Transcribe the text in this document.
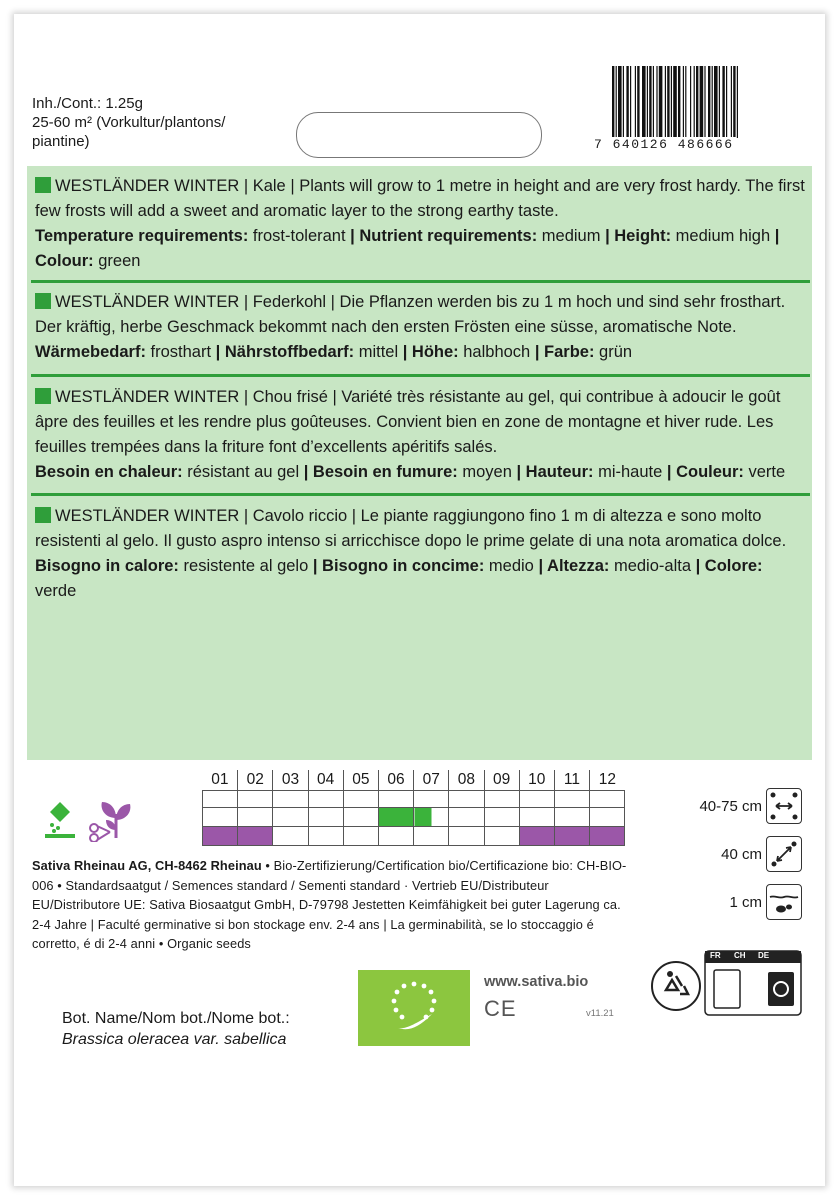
Inh./Cont.: 1.25g
25-60 m² (Vorkultur/plantons/
piantine)	7 640126 486666
WESTLÄNDER WINTER | Kale | Plants will grow to 1 metre in height and are very frost hardy. The first few frosts will add a sweet and aromatic layer to the strong earthy taste.
Temperature requirements: frost-tolerant | Nutrient requirements: medium | Height: medium high | Colour: green
WESTLÄNDER WINTER | Federkohl | Die Pflanzen werden bis zu 1 m hoch und sind sehr frosthart. Der kräftig, herbe Geschmack bekommt nach den ersten Frösten eine süsse, aromatische Note.
Wärmebedarf: frosthart | Nährstoffbedarf: mittel | Höhe: halbhoch | Farbe: grün
WESTLÄNDER WINTER | Chou frisé | Variété très résistante au gel, qui contribue à adoucir le goût âpre des feuilles et les rendre plus goûteuses. Convient bien en zone de montagne et hiver rude. Les feuilles trempées dans la friture font d’excellents apéritifs salés.
Besoin en chaleur: résistant au gel | Besoin en fumure: moyen | Hauteur: mi-haute | Couleur: verte
WESTLÄNDER WINTER | Cavolo riccio | Le piante raggiungono fino 1 m di altezza e sono molto resistenti al gelo. Il gusto aspro intenso si arricchisce dopo le prime gelate di una nota aromatica dolce.
Bisogno in calore: resistente al gelo | Bisogno in concime: medio | Altezza: medio-alta | Colore: verde
01	02	03	04	05	06	07	08	09	10	11	12

40-75 cm
40 cm
1 cm
Sativa Rheinau AG, CH-8462 Rheinau • Bio-Zertifizierung/Certification bio/Certificazione bio: CH-BIO-006 • Standardsaatgut / Semences standard / Sementi standard · Vertrieb EU/Distributeur EU/Distributore UE: Sativa Biosaatgut GmbH, D-79798 Jestetten Keimfähigkeit bei guter Lagerung ca. 2-4 Jahre | Faculté germinative si bon stockage env. 2-4 ans | La germinabilità, se lo stoccaggio é corretto, é di 2-4 anni • Organic seeds
www.sativa.bio
CE	v11.21
FR CH DE
Bot. Name/Nom bot./Nome bot.:
Brassica oleracea var. sabellica
